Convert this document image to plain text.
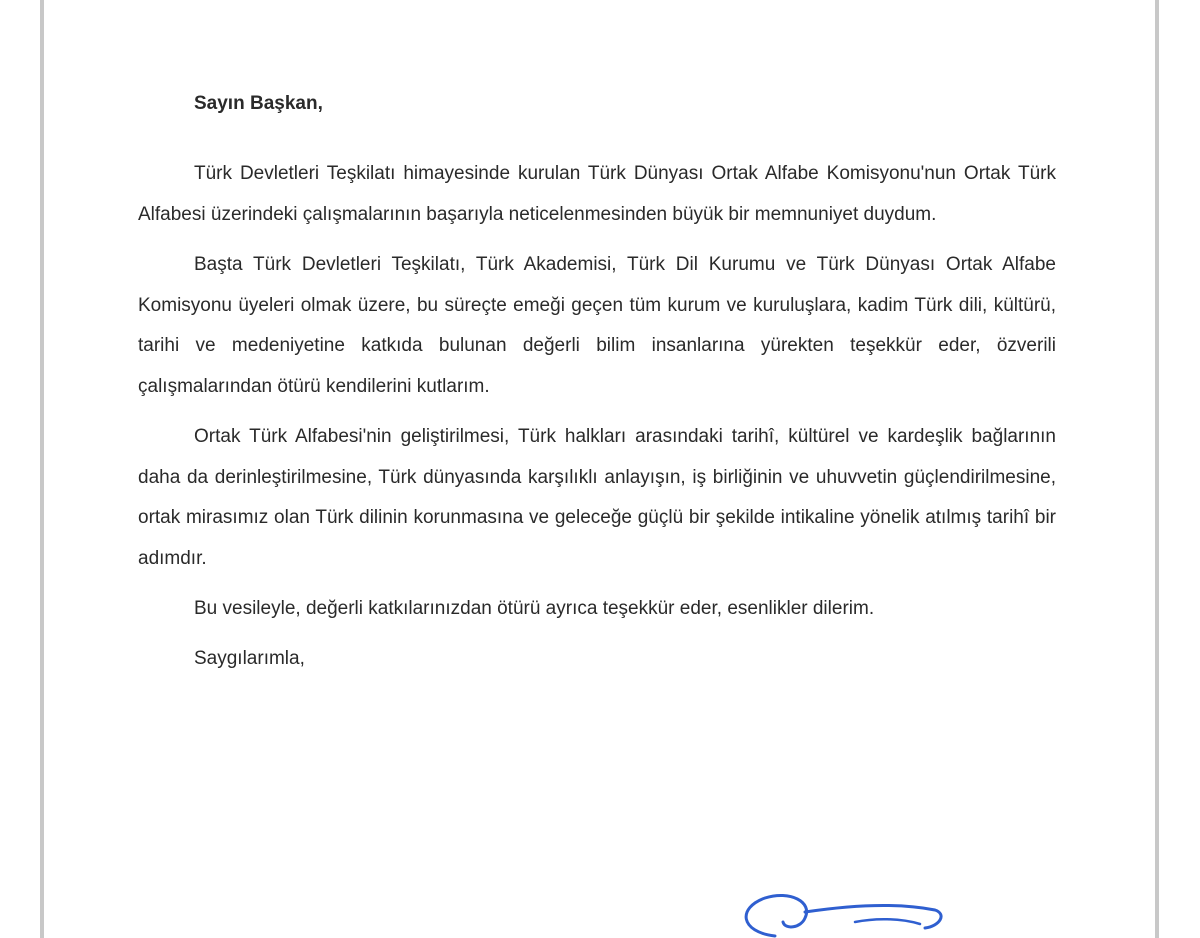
Sayın Başkan,

Türk Devletleri Teşkilatı himayesinde kurulan Türk Dünyası Ortak Alfabe Komisyonu'nun Ortak Türk Alfabesi üzerindeki çalışmalarının başarıyla neticelenmesinden büyük bir memnuniyet duydum.

Başta Türk Devletleri Teşkilatı, Türk Akademisi, Türk Dil Kurumu ve Türk Dünyası Ortak Alfabe Komisyonu üyeleri olmak üzere, bu süreçte emeği geçen tüm kurum ve kuruluşlara, kadim Türk dili, kültürü, tarihi ve medeniyetine katkıda bulunan değerli bilim insanlarına yürekten teşekkür eder, özverili çalışmalarından ötürü kendilerini kutlarım.

Ortak Türk Alfabesi'nin geliştirilmesi, Türk halkları arasındaki tarihî, kültürel ve kardeşlik bağlarının daha da derinleştirilmesine, Türk dünyasında karşılıklı anlayışın, iş birliğinin ve uhuvvetin güçlendirilmesine, ortak mirasımız olan Türk dilinin korunmasına ve geleceğe güçlü bir şekilde intikaline yönelik atılmış tarihî bir adımdır.

Bu vesileyle, değerli katkılarınızdan ötürü ayrıca teşekkür eder, esenlikler dilerim.
Saygılarımla,
